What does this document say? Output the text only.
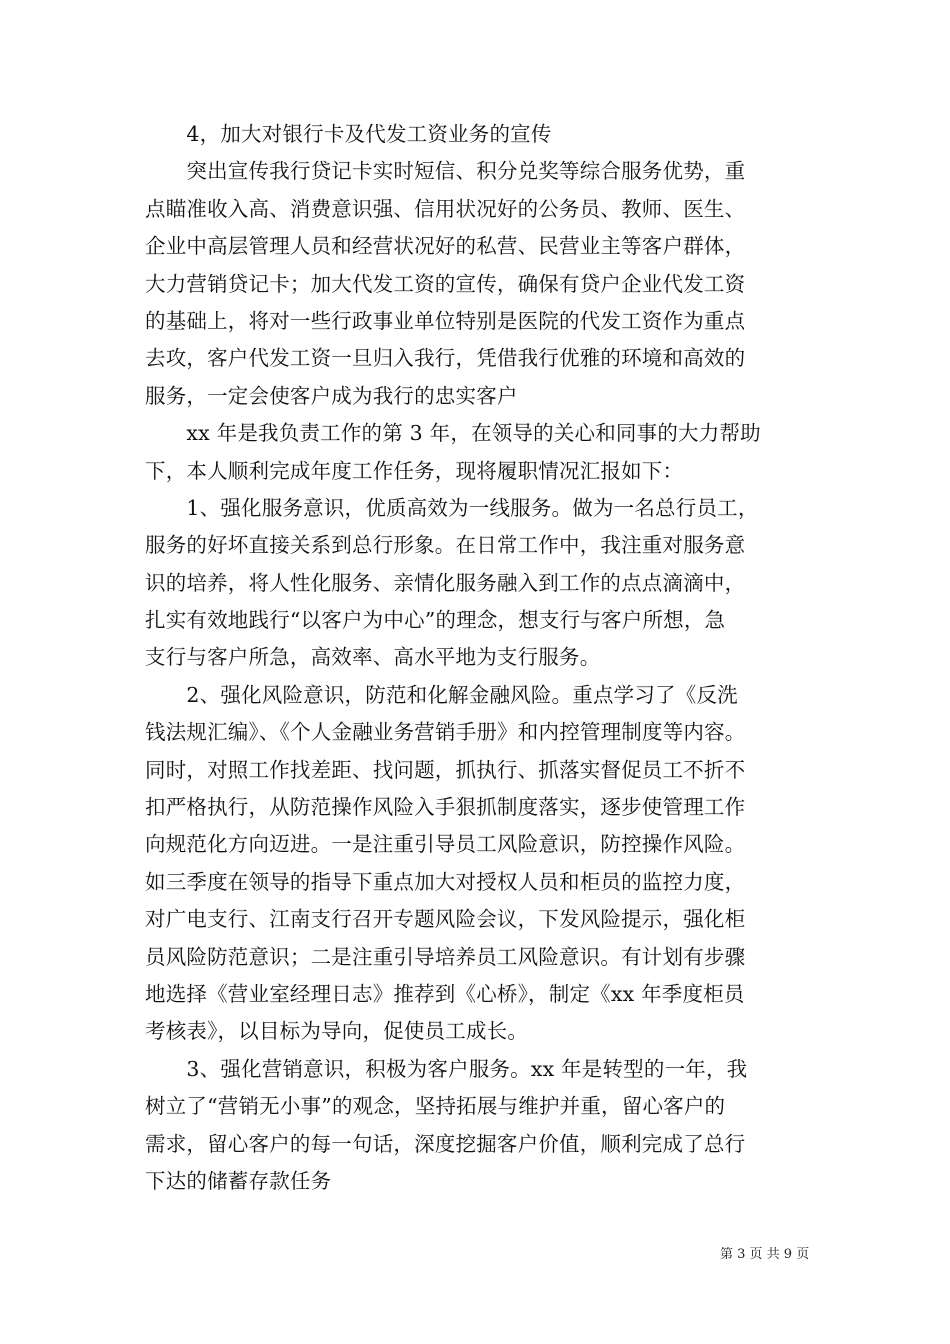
　　4，加大对银行卡及代发工资业务的宣传
　　突出宣传我行贷记卡实时短信、积分兑奖等综合服务优势，重
点瞄准收入高、消费意识强、信用状况好的公务员、教师、医生、
企业中高层管理人员和经营状况好的私营、民营业主等客户群体，
大力营销贷记卡；加大代发工资的宣传，确保有贷户企业代发工资
的基础上，将对一些行政事业单位特别是医院的代发工资作为重点
去攻，客户代发工资一旦归入我行，凭借我行优雅的环境和高效的
服务，一定会使客户成为我行的忠实客户
　　xx 年是我负责工作的第 3 年，在领导的关心和同事的大力帮助
下，本人顺利完成年度工作任务，现将履职情况汇报如下：
　　1、强化服务意识，优质高效为一线服务。做为一名总行员工，
服务的好坏直接关系到总行形象。在日常工作中，我注重对服务意
识的培养，将人性化服务、亲情化服务融入到工作的点点滴滴中，
扎实有效地践行“以客户为中心”的理念，想支行与客户所想，急
支行与客户所急，高效率、高水平地为支行服务。
　　2、强化风险意识，防范和化解金融风险。重点学习了《反洗
钱法规汇编》、《个人金融业务营销手册》和内控管理制度等内容。
同时，对照工作找差距、找问题，抓执行、抓落实督促员工不折不
扣严格执行，从防范操作风险入手狠抓制度落实，逐步使管理工作
向规范化方向迈进。一是注重引导员工风险意识，防控操作风险。
如三季度在领导的指导下重点加大对授权人员和柜员的监控力度，
对广电支行、江南支行召开专题风险会议，下发风险提示，强化柜
员风险防范意识；二是注重引导培养员工风险意识。有计划有步骤
地选择《营业室经理日志》推荐到《心桥》，制定《xx 年季度柜员
考核表》，以目标为导向，促使员工成长。
　　3、强化营销意识，积极为客户服务。xx 年是转型的一年，我
树立了“营销无小事”的观念，坚持拓展与维护并重，留心客户的
需求，留心客户的每一句话，深度挖掘客户价值，顺利完成了总行
下达的储蓄存款任务
第 3 页 共 9 页
